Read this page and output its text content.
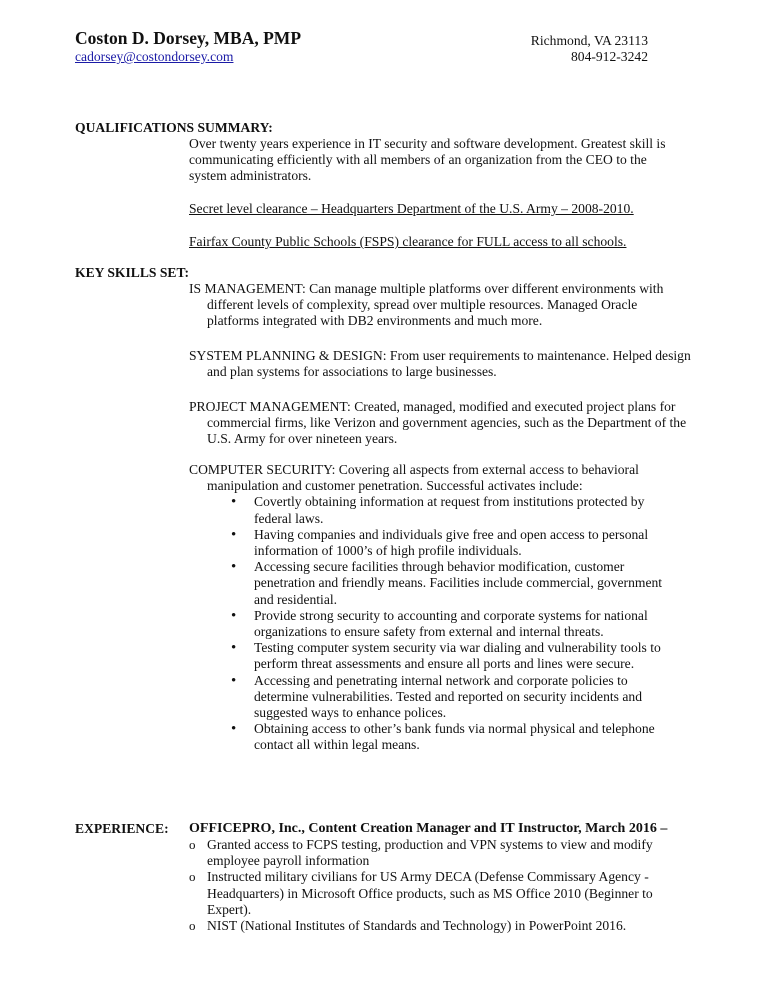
Coston D. Dorsey, MBA, PMP
cadorsey@costondorsey.com
Richmond, VA 23113
804-912-3242
QUALIFICATIONS SUMMARY:
Over twenty years experience in IT security and software development. Greatest skill is communicating efficiently with all members of an organization from the CEO to the system administrators.
Secret level clearance – Headquarters Department of the U.S. Army – 2008-2010.
Fairfax County Public Schools (FSPS) clearance for FULL access to all schools.
KEY SKILLS SET:
IS MANAGEMENT: Can manage multiple platforms over different environments with different levels of complexity, spread over multiple resources. Managed Oracle platforms integrated with DB2 environments and much more.
SYSTEM PLANNING & DESIGN: From user requirements to maintenance. Helped design and plan systems for associations to large businesses.
PROJECT MANAGEMENT: Created, managed, modified and executed project plans for commercial firms, like Verizon and government agencies, such as the Department of the U.S. Army for over nineteen years.
COMPUTER SECURITY: Covering all aspects from external access to behavioral manipulation and customer penetration. Successful activates include:
• Covertly obtaining information at request from institutions protected by federal laws.
• Having companies and individuals give free and open access to personal information of 1000’s of high profile individuals.
• Accessing secure facilities through behavior modification, customer penetration and friendly means. Facilities include commercial, government and residential.
• Provide strong security to accounting and corporate systems for national organizations to ensure safety from external and internal threats.
• Testing computer system security via war dialing and vulnerability tools to perform threat assessments and ensure all ports and lines were secure.
• Accessing and penetrating internal network and corporate policies to determine vulnerabilities. Tested and reported on security incidents and suggested ways to enhance polices.
• Obtaining access to other’s bank funds via normal physical and telephone contact all within legal means.
EXPERIENCE: OFFICEPRO, Inc., Content Creation Manager and IT Instructor, March 2016 –
o Granted access to FCPS testing, production and VPN systems to view and modify employee payroll information
o Instructed military civilians for US Army DECA (Defense Commissary Agency - Headquarters) in Microsoft Office products, such as MS Office 2010 (Beginner to Expert).
o NIST (National Institutes of Standards and Technology) in PowerPoint 2016.
